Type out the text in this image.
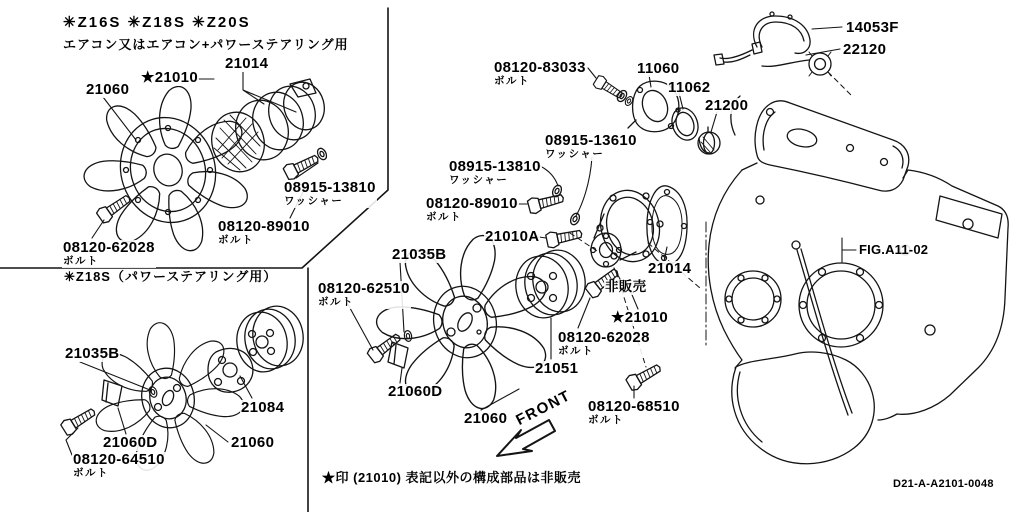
✳Z16S ✳Z18S ✳Z20S
エアコン又はエアコン+パワーステアリング用
✳Z18S（パワーステアリング用）
21060
★21010
21014
08915-13810
ワッシャー
08120-89010
ボルト
08120-62028
ボルト
21035B
21084
21060D	21060
08120-64510
ボルト
08120-83033
ボルト
11060
11062
21200
08915-13610
ワッシャー
08915-13810
ワッシャー
08120-89010
ボルト
21010A
21035B
08120-62510
ボルト
21060D
21060
21051
08120-62028
ボルト
非販売
★21010
21014
08120-68510
ボルト
14053F
22120
FIG.A11-02
FRONT
★印 (21010) 表記以外の構成部品は非販売	D21-A-A2101-0048
